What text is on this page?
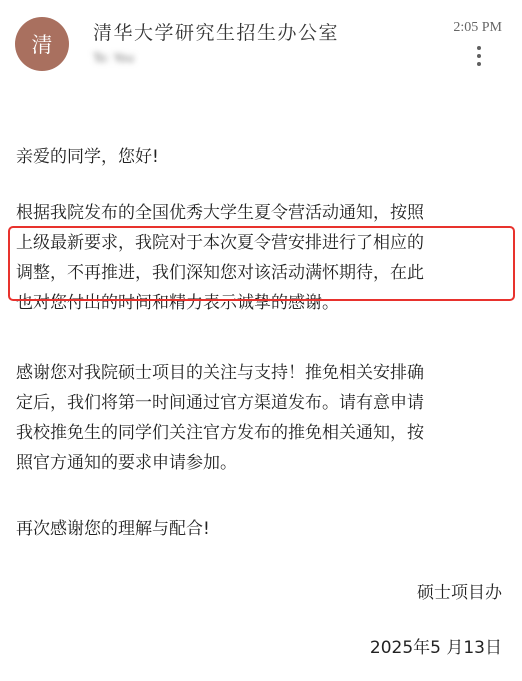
清 清华大学研究生招生办公室
To: You
2:05 PM
亲爱的同学，您好!
根据我院发布的全国优秀大学生夏令营活动通知，按照
上级最新要求，我院对于本次夏令营安排进行了相应的
调整，不再推进，我们深知您对该活动满怀期待，在此
也对您付出的时间和精力表示诚挚的感谢。
感谢您对我院硕士项目的关注与支持！推免相关安排确
定后，我们将第一时间通过官方渠道发布。请有意申请
我校推免生的同学们关注官方发布的推免相关通知，按
照官方通知的要求申请参加。
再次感谢您的理解与配合!
硕士项目办
2025年5 月13日
